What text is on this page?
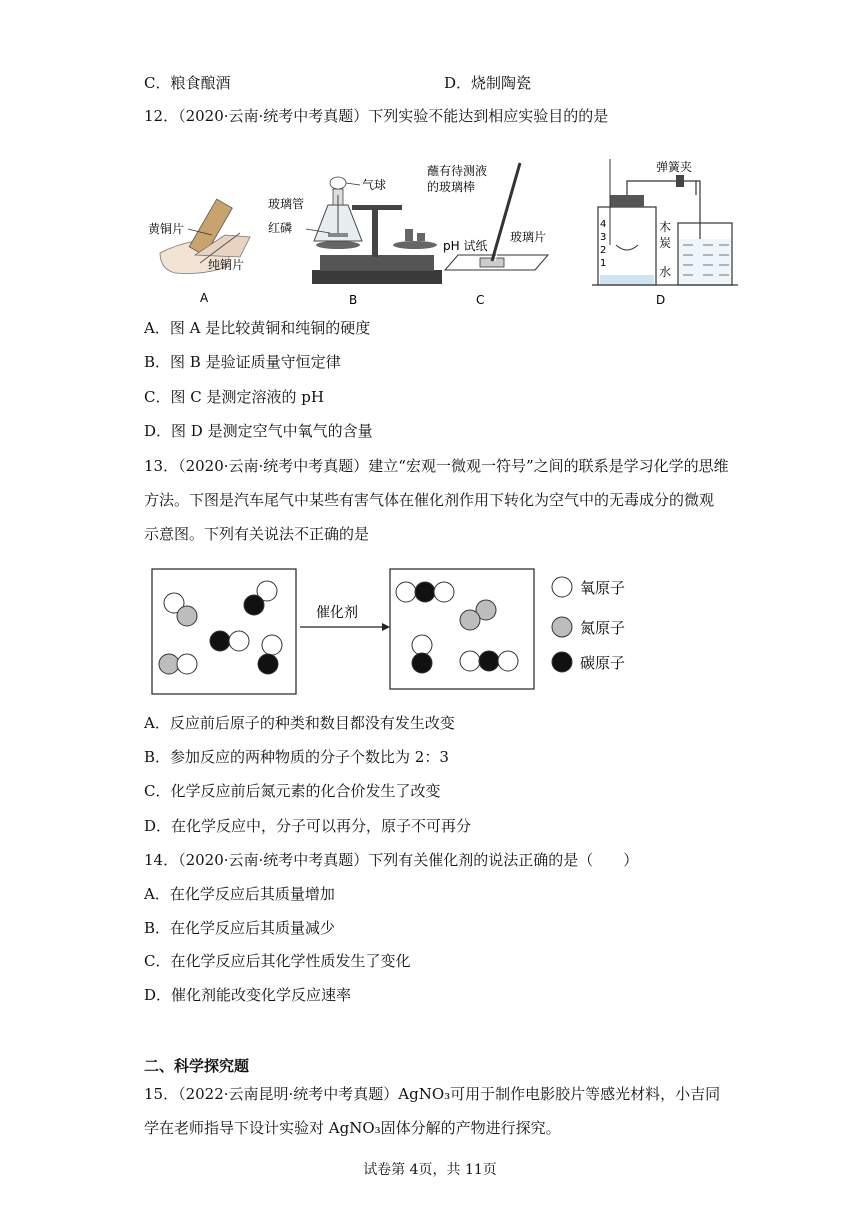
C．粮食酿酒	D．烧制陶瓷
12．（2020·云南·统考中考真题）下列实验不能达到相应实验目的的是
黄铜片
纯铜片
A
气球
玻璃管
红磷
B
蘸有待测液
的玻璃棒
pH 试纸
玻璃片
C
4
3
2
1
弹簧夹
木
炭
水
D
A．图 A 是比较黄铜和纯铜的硬度
B．图 B 是验证质量守恒定律
C．图 C 是测定溶液的 pH
D．图 D 是测定空气中氧气的含量
13．（2020·云南·统考中考真题）建立“宏观一微观一符号”之间的联系是学习化学的思维
方法。下图是汽车尾气中某些有害气体在催化剂作用下转化为空气中的无毒成分的微观
示意图。下列有关说法不正确的是
催化剂
氧原子
氮原子
碳原子
A．反应前后原子的种类和数目都没有发生改变
B．参加反应的两种物质的分子个数比为 2：3
C．化学反应前后氮元素的化合价发生了改变
D．在化学反应中，分子可以再分，原子不可再分
14．（2020·云南·统考中考真题）下列有关催化剂的说法正确的是（　　）
A．在化学反应后其质量增加
B．在化学反应后其质量减少
C．在化学反应后其化学性质发生了变化
D．催化剂能改变化学反应速率
二、科学探究题
15．（2022·云南昆明·统考中考真题）AgNO₃可用于制作电影胶片等感光材料，小吉同
学在老师指导下设计实验对 AgNO₃固体分解的产物进行探究。
试卷第 4页，共 11页
